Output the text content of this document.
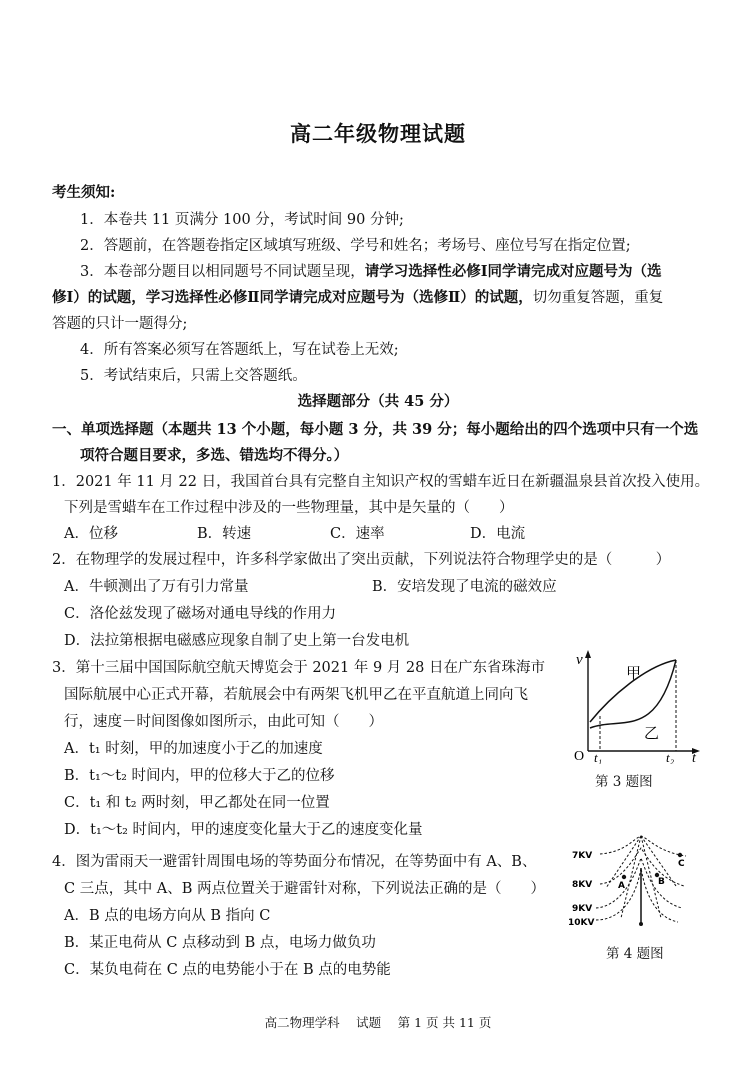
高二年级物理试题
考生须知:
1．本卷共 11 页满分 100 分，考试时间 90 分钟;
2．答题前，在答题卷指定区域填写班级、学号和姓名；考场号、座位号写在指定位置;
3．本卷部分题目以相同题号不同试题呈现，请学习选择性必修Ⅰ同学请完成对应题号为（选
修Ⅰ）的试题，学习选择性必修Ⅱ同学请完成对应题号为（选修Ⅱ）的试题，切勿重复答题，重复
答题的只计一题得分;
4．所有答案必须写在答题纸上，写在试卷上无效;
5．考试结束后，只需上交答题纸。
选择题部分（共 45 分）
一、单项选择题（本题共 13 个小题，每小题 3 分，共 39 分；每小题给出的四个选项中只有一个选
项符合题目要求，多选、错选均不得分。）
1．2021 年 11 月 22 日，我国首台具有完整自主知识产权的雪蜡车近日在新疆温泉县首次投入使用。
下列是雪蜡车在工作过程中涉及的一些物理量，其中是矢量的（　　）
A．位移	B．转速	C．速率	D．电流
2．在物理学的发展过程中，许多科学家做出了突出贡献，下列说法符合物理学史的是（　　　）
A．牛顿测出了万有引力常量	B．安培发现了电流的磁效应
C．洛伦兹发现了磁场对通电导线的作用力
D．法拉第根据电磁感应现象自制了史上第一台发电机
3．第十三届中国国际航空航天博览会于 2021 年 9 月 28 日在广东省珠海市
国际航展中心正式开幕，若航展会中有两架飞机甲乙在平直航道上同向飞
行，速度－时间图像如图所示，由此可知（　　）
A．t₁ 时刻，甲的加速度小于乙的加速度
B．t₁～t₂ 时间内，甲的位移大于乙的位移
C．t₁ 和 t₂ 两时刻，甲乙都处在同一位置
D．t₁～t₂ 时间内，甲的速度变化量大于乙的速度变化量
v
O t₁	t₂ t
甲
乙
第 3 题图
4．图为雷雨天一避雷针周围电场的等势面分布情况，在等势面中有 A、B、
C 三点，其中 A、B 两点位置关于避雷针对称，下列说法正确的是（　　）
A．B 点的电场方向从 B 指向 C
B．某正电荷从 C 点移动到 B 点，电场力做负功
C．某负电荷在 C 点的电势能小于在 B 点的电势能
A	B
C
7KV
8KV
9KV
10KV
第 4 题图
高二物理学科　 试题　 第 1 页 共 11 页
